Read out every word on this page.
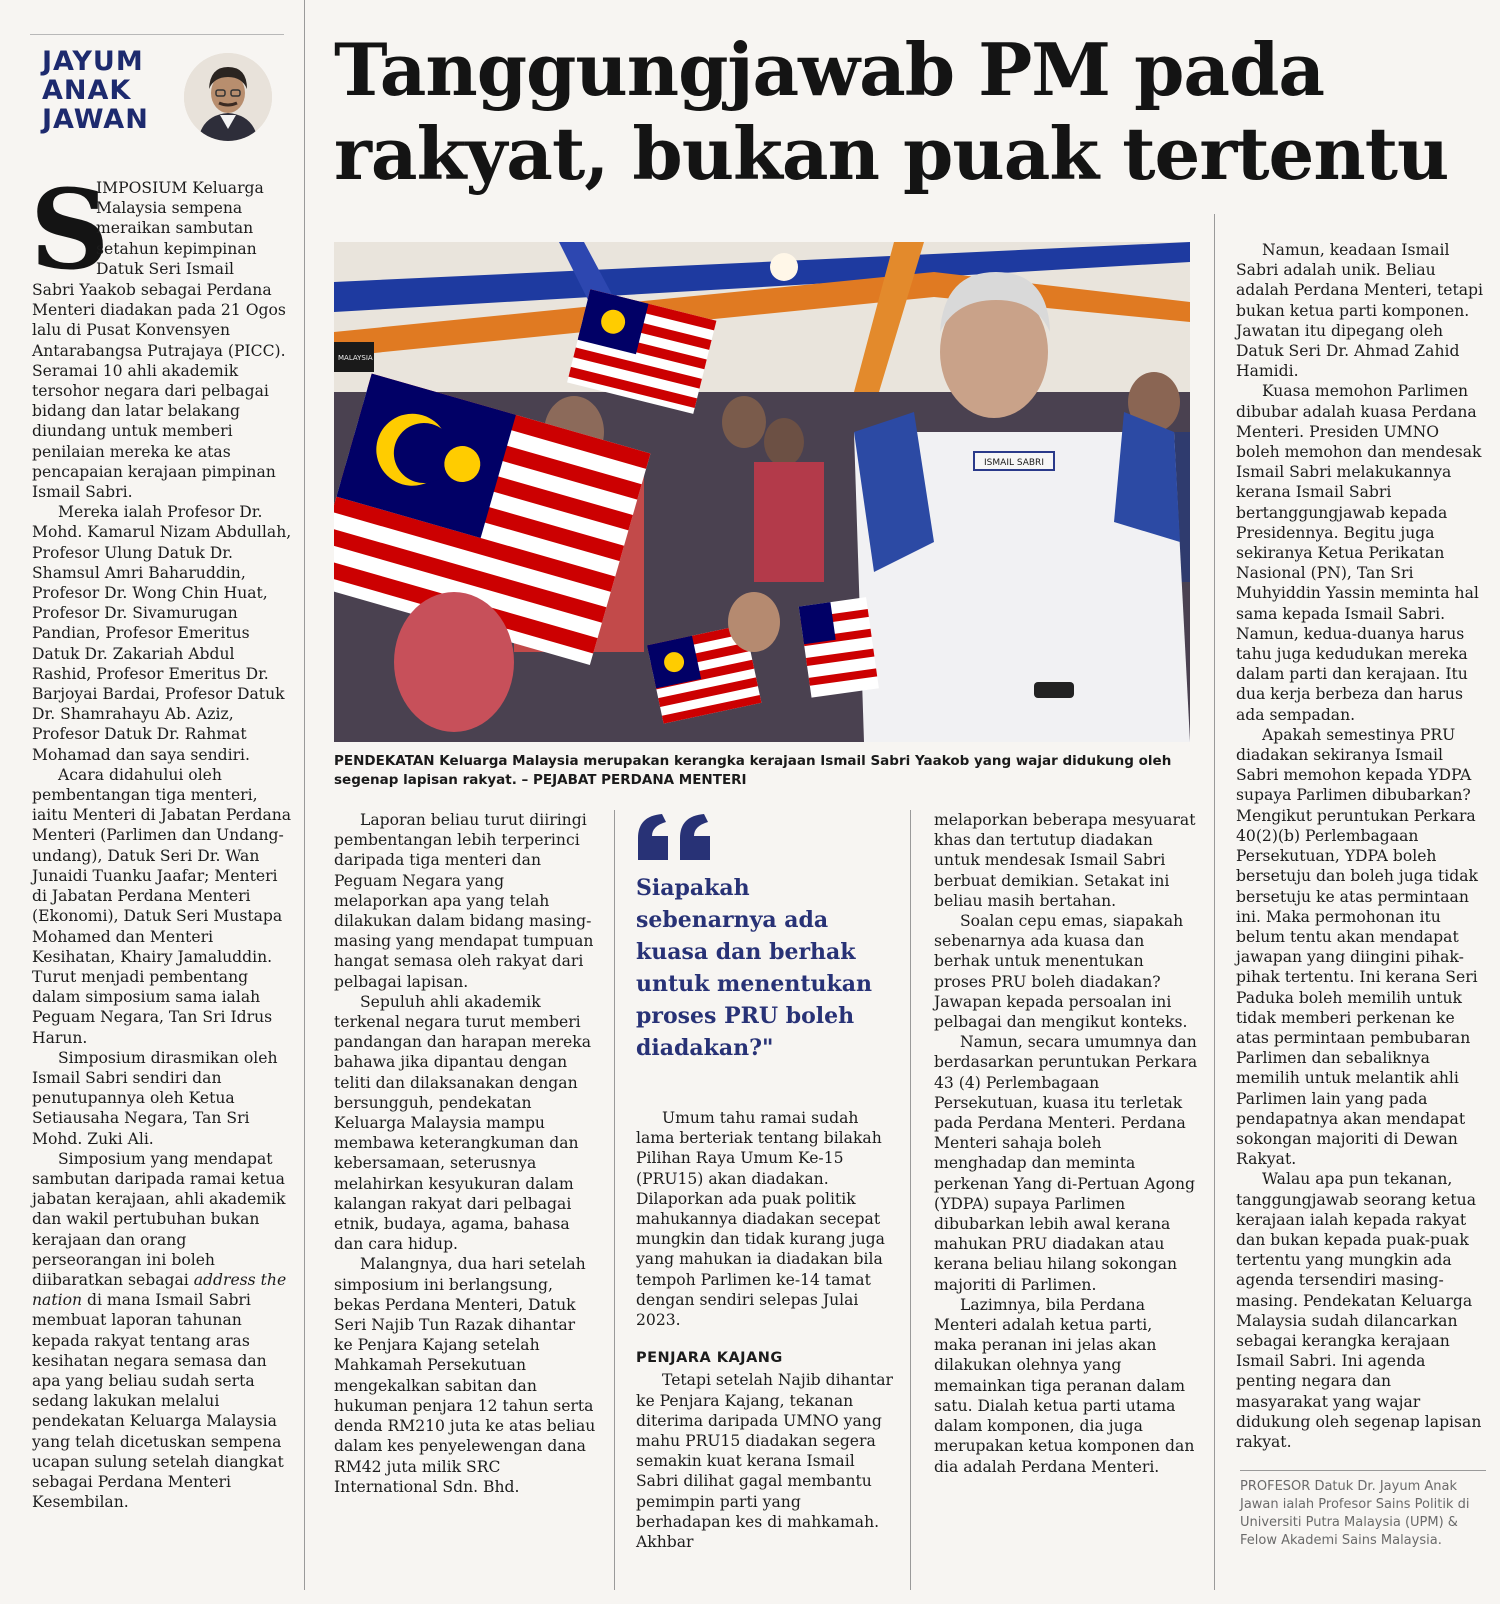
JAYUM
ANAK
JAWAN
Tanggungjawab PM pada
rakyat, bukan puak tertentu
ISMAIL SABRI
MALAYSIA
PENDEKATAN Keluarga Malaysia merupakan kerangka kerajaan Ismail Sabri Yaakob yang wajar didukung oleh segenap lapisan rakyat. – PEJABAT PERDANA MENTERI
S
IMPOSIUM Keluarga
Malaysia sempena
meraikan sambutan
setahun kepimpinan
Datuk Seri Ismail

Sabri Yaakob sebagai Perdana Menteri diadakan pada 21 Ogos lalu di Pusat Konvensyen Antarabangsa Putrajaya (PICC). Seramai 10 ahli akademik tersohor negara dari pelbagai bidang dan latar belakang diundang untuk memberi penilaian mereka ke atas pencapaian kerajaan pimpinan Ismail Sabri.

Mereka ialah Profesor Dr. Mohd. Kamarul Nizam Abdullah, Profesor Ulung Datuk Dr. Shamsul Amri Baharuddin, Profesor Dr. Wong Chin Huat, Profesor Dr. Sivamurugan Pandian, Profesor Emeritus Datuk Dr. Zakariah Abdul Rashid, Profesor Emeritus Dr. Barjoyai Bardai, Profesor Datuk Dr. Shamrahayu Ab. Aziz, Profesor Datuk Dr. Rahmat Mohamad dan saya sendiri.

Acara didahului oleh pembentangan tiga menteri, iaitu Menteri di Jabatan Perdana Menteri (Parlimen dan Undang-undang), Datuk Seri Dr. Wan Junaidi Tuanku Jaafar; Menteri di Jabatan Perdana Menteri (Ekonomi), Datuk Seri Mustapa Mohamed dan Menteri Kesihatan, Khairy Jamaluddin. Turut menjadi pembentang dalam simposium sama ialah Peguam Negara, Tan Sri Idrus Harun.

Simposium dirasmikan oleh Ismail Sabri sendiri dan penutupannya oleh Ketua Setiausaha Negara, Tan Sri Mohd. Zuki Ali.

Simposium yang mendapat sambutan daripada ramai ketua jabatan kerajaan, ahli akademik dan wakil pertubuhan bukan kerajaan dan orang perseorangan ini boleh diibaratkan sebagai address the nation di mana Ismail Sabri membuat laporan tahunan kepada rakyat tentang aras kesihatan negara semasa dan apa yang beliau sudah serta sedang lakukan melalui pendekatan Keluarga Malaysia yang telah dicetuskan sempena ucapan sulung setelah diangkat sebagai Perdana Menteri Kesembilan.

Laporan beliau turut diiringi pembentangan lebih terperinci daripada tiga menteri dan Peguam Negara yang melaporkan apa yang telah dilakukan dalam bidang masing-masing yang mendapat tumpuan hangat semasa oleh rakyat dari pelbagai lapisan.

Sepuluh ahli akademik terkenal negara turut memberi pandangan dan harapan mereka bahawa jika dipantau dengan teliti dan dilaksanakan dengan bersungguh, pendekatan Keluarga Malaysia mampu membawa keterangkuman dan kebersamaan, seterusnya melahirkan kesyukuran dalam kalangan rakyat dari pelbagai etnik, budaya, agama, bahasa dan cara hidup.

Malangnya, dua hari setelah simposium ini berlangsung, bekas Perdana Menteri, Datuk Seri Najib Tun Razak dihantar ke Penjara Kajang setelah Mahkamah Persekutuan mengekalkan sabitan dan hukuman penjara 12 tahun serta denda RM210 juta ke atas beliau dalam kes penyelewengan dana RM42 juta milik SRC International Sdn. Bhd.

Siapakah sebenarnya ada kuasa dan berhak untuk menentukan proses PRU boleh diadakan?"

Umum tahu ramai sudah lama berteriak tentang bilakah Pilihan Raya Umum Ke-15 (PRU15) akan diadakan. Dilaporkan ada puak politik mahukannya diadakan secepat mungkin dan tidak kurang juga yang mahukan ia diadakan bila tempoh Parlimen ke-14 tamat dengan sendiri selepas Julai 2023.

PENJARA KAJANG

Tetapi setelah Najib dihantar ke Penjara Kajang, tekanan diterima daripada UMNO yang mahu PRU15 diadakan segera semakin kuat kerana Ismail Sabri dilihat gagal membantu pemimpin parti yang berhadapan kes di mahkamah. Akhbar

melaporkan beberapa mesyuarat khas dan tertutup diadakan untuk mendesak Ismail Sabri berbuat demikian. Setakat ini beliau masih bertahan.

Soalan cepu emas, siapakah sebenarnya ada kuasa dan berhak untuk menentukan proses PRU boleh diadakan? Jawapan kepada persoalan ini pelbagai dan mengikut konteks.

Namun, secara umumnya dan berdasarkan peruntukan Perkara 43 (4) Perlembagaan Persekutuan, kuasa itu terletak pada Perdana Menteri. Perdana Menteri sahaja boleh menghadap dan meminta perkenan Yang di-Pertuan Agong (YDPA) supaya Parlimen dibubarkan lebih awal kerana mahukan PRU diadakan atau kerana beliau hilang sokongan majoriti di Parlimen.

Lazimnya, bila Perdana Menteri adalah ketua parti, maka peranan ini jelas akan dilakukan olehnya yang memainkan tiga peranan dalam satu. Dialah ketua parti utama dalam komponen, dia juga merupakan ketua komponen dan dia adalah Perdana Menteri.

Namun, keadaan Ismail Sabri adalah unik. Beliau adalah Perdana Menteri, tetapi bukan ketua parti komponen. Jawatan itu dipegang oleh Datuk Seri Dr. Ahmad Zahid Hamidi.

Kuasa memohon Parlimen dibubar adalah kuasa Perdana Menteri. Presiden UMNO boleh memohon dan mendesak Ismail Sabri melakukannya kerana Ismail Sabri bertanggungjawab kepada Presidennya. Begitu juga sekiranya Ketua Perikatan Nasional (PN), Tan Sri Muhyiddin Yassin meminta hal sama kepada Ismail Sabri. Namun, kedua-duanya harus tahu juga kedudukan mereka dalam parti dan kerajaan. Itu dua kerja berbeza dan harus ada sempadan.

Apakah semestinya PRU diadakan sekiranya Ismail Sabri memohon kepada YDPA supaya Parlimen dibubarkan? Mengikut peruntukan Perkara 40(2)(b) Perlembagaan Persekutuan, YDPA boleh bersetuju dan boleh juga tidak bersetuju ke atas permintaan ini. Maka permohonan itu belum tentu akan mendapat jawapan yang diingini pihak-pihak tertentu. Ini kerana Seri Paduka boleh memilih untuk tidak memberi perkenan ke atas permintaan pembubaran Parlimen dan sebaliknya memilih untuk melantik ahli Parlimen lain yang pada pendapatnya akan mendapat sokongan majoriti di Dewan Rakyat.

Walau apa pun tekanan, tanggungjawab seorang ketua kerajaan ialah kepada rakyat dan bukan kepada puak-puak tertentu yang mungkin ada agenda tersendiri masing-masing. Pendekatan Keluarga Malaysia sudah dilancarkan sebagai kerangka kerajaan Ismail Sabri. Ini agenda penting negara dan masyarakat yang wajar didukung oleh segenap lapisan rakyat.

PROFESOR Datuk Dr. Jayum Anak Jawan ialah Profesor Sains Politik di Universiti Putra Malaysia (UPM) & Felow Akademi Sains Malaysia.
